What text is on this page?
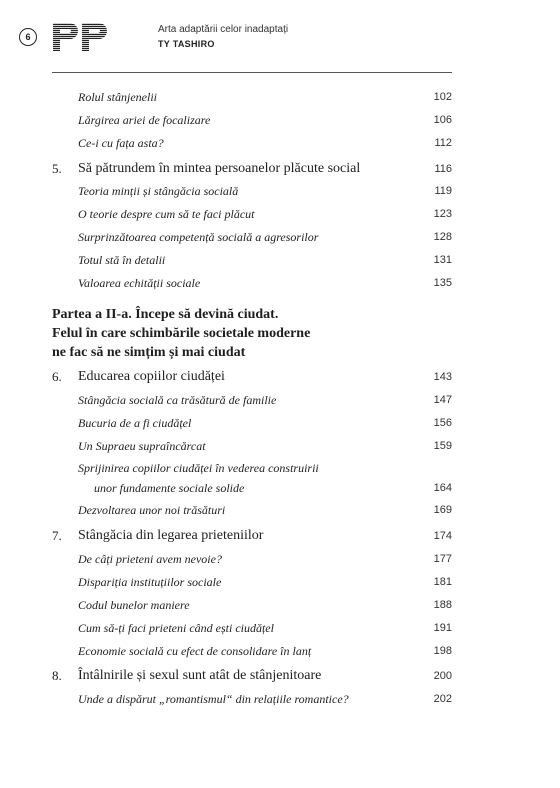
6
Arta adaptării celor inadaptați
TY TASHIRO
Rolul stânjenelii	102
Lărgirea ariei de focalizare	106
Ce-i cu fața asta?	112
5. Să pătrundem în mintea persoanelor plăcute social	116
Teoria minții și stângăcia socială	119
O teorie despre cum să te faci plăcut	123
Surprinzătoarea competență socială a agresorilor	128
Totul stă în detalii	131
Valoarea echității sociale	135
Partea a II-a. Începe să devină ciudat.
Felul în care schimbările societale moderne
ne fac să ne simțim și mai ciudat
6. Educarea copiilor ciudăței	143
Stângăcia socială ca trăsătură de familie	147
Bucuria de a fi ciudățel	156
Un Supraeu supraîncărcat	159
Sprijinirea copiilor ciudăței în vederea construirii
unor fundamente sociale solide	164
Dezvoltarea unor noi trăsături	169
7. Stângăcia din legarea prieteniilor	174
De câți prieteni avem nevoie?	177
Dispariția instituțiilor sociale	181
Codul bunelor maniere	188
Cum să-ți faci prieteni când ești ciudățel	191
Economie socială cu efect de consolidare în lanț	198
8. Întâlnirile și sexul sunt atât de stânjenitoare	200
Unde a dispărut „romantismul“ din relațiile romantice?	202
